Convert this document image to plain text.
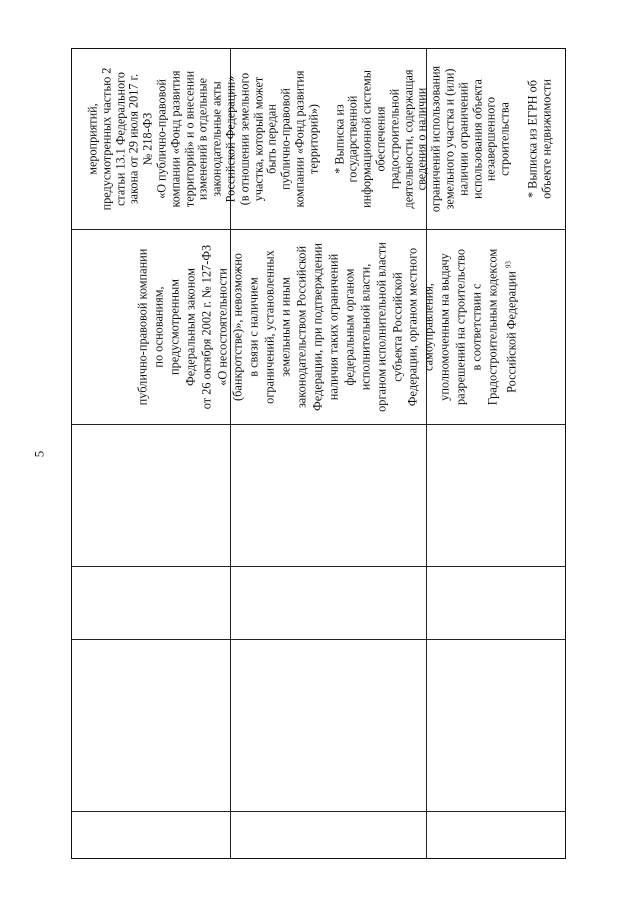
5
публично-правовой компании по основаниям, предусмотренным Федеральным законом от 26 октября 2002 г. № 127-ФЗ «О несостоятельности (банкротстве)», невозможно в связи с наличием ограничений, установленных земельным и иным законодательством Российской Федерации, при подтверждении наличия таких ограничений федеральным органом исполнительной власти, органом исполнительной власти субъекта Российской Федерации, органом местного самоуправления, уполномоченным на выдачу разрешений на строительство в соответствии с Градостроительным кодексом Российской Федерации $^{93}$
мероприятий, предусмотренных частью 2 статьи 13.1 Федерального закона от 29 июля 2017 г. № 218-ФЗ «О публично-правовой компании «Фонд развития территорий» и о внесении изменений в отдельные законодательные акты Российской Федерации» (в отношении земельного участка, который может быть передан публично-правовой компании «Фонд развития территорий») * Выписка из государственной информационной системы обеспечения градостроительной деятельности, содержащая сведения о наличии ограничений использования земельного участка и (или) наличии ограничений использования объекта незавершенного строительства * Выписка из ЕГРН об объекте недвижимости
